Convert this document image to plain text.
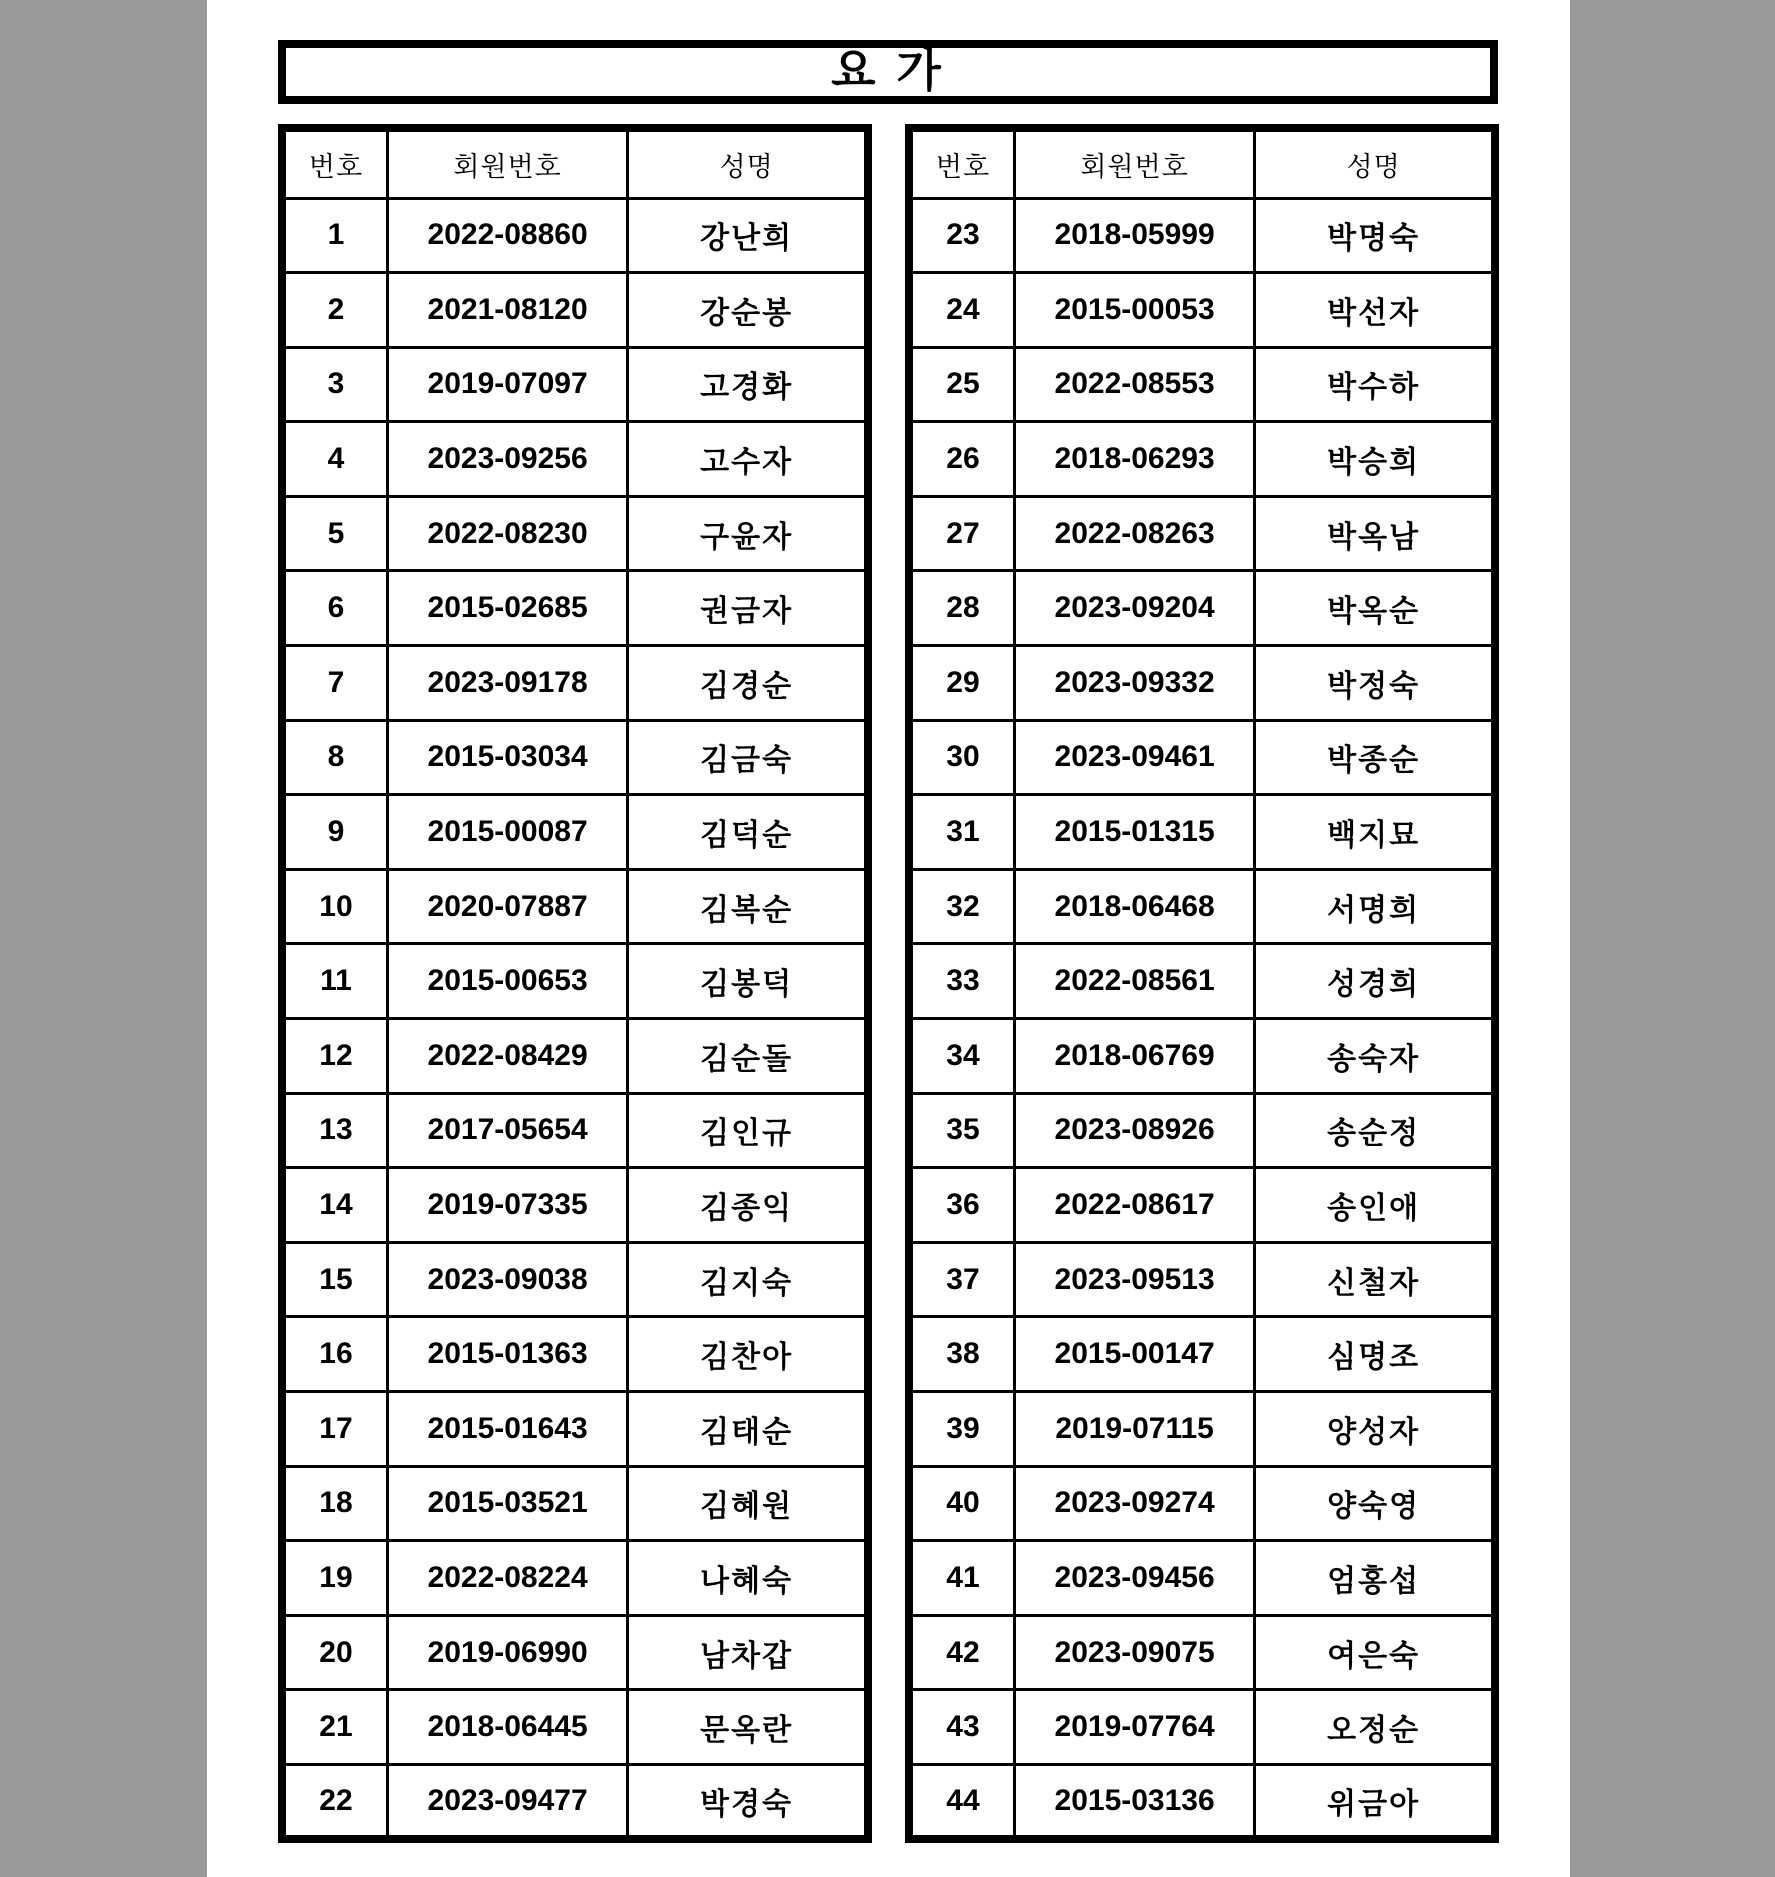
요 가
번호	회원번호	성명
1	2022-08860	강난희
2	2021-08120	강순봉
3	2019-07097	고경화
4	2023-09256	고수자
5	2022-08230	구윤자
6	2015-02685	권금자
7	2023-09178	김경순
8	2015-03034	김금숙
9	2015-00087	김덕순
10	2020-07887	김복순
11	2015-00653	김봉덕
12	2022-08429	김순돌
13	2017-05654	김인규
14	2019-07335	김종익
15	2023-09038	김지숙
16	2015-01363	김찬아
17	2015-01643	김태순
18	2015-03521	김혜원
19	2022-08224	나혜숙
20	2019-06990	남차갑
21	2018-06445	문옥란
22	2023-09477	박경숙
번호	회원번호	성명
23	2018-05999	박명숙
24	2015-00053	박선자
25	2022-08553	박수하
26	2018-06293	박승희
27	2022-08263	박옥남
28	2023-09204	박옥순
29	2023-09332	박정숙
30	2023-09461	박종순
31	2015-01315	백지묘
32	2018-06468	서명희
33	2022-08561	성경희
34	2018-06769	송숙자
35	2023-08926	송순정
36	2022-08617	송인애
37	2023-09513	신철자
38	2015-00147	심명조
39	2019-07115	양성자
40	2023-09274	양숙영
41	2023-09456	엄홍섭
42	2023-09075	여은숙
43	2019-07764	오정순
44	2015-03136	위금아
